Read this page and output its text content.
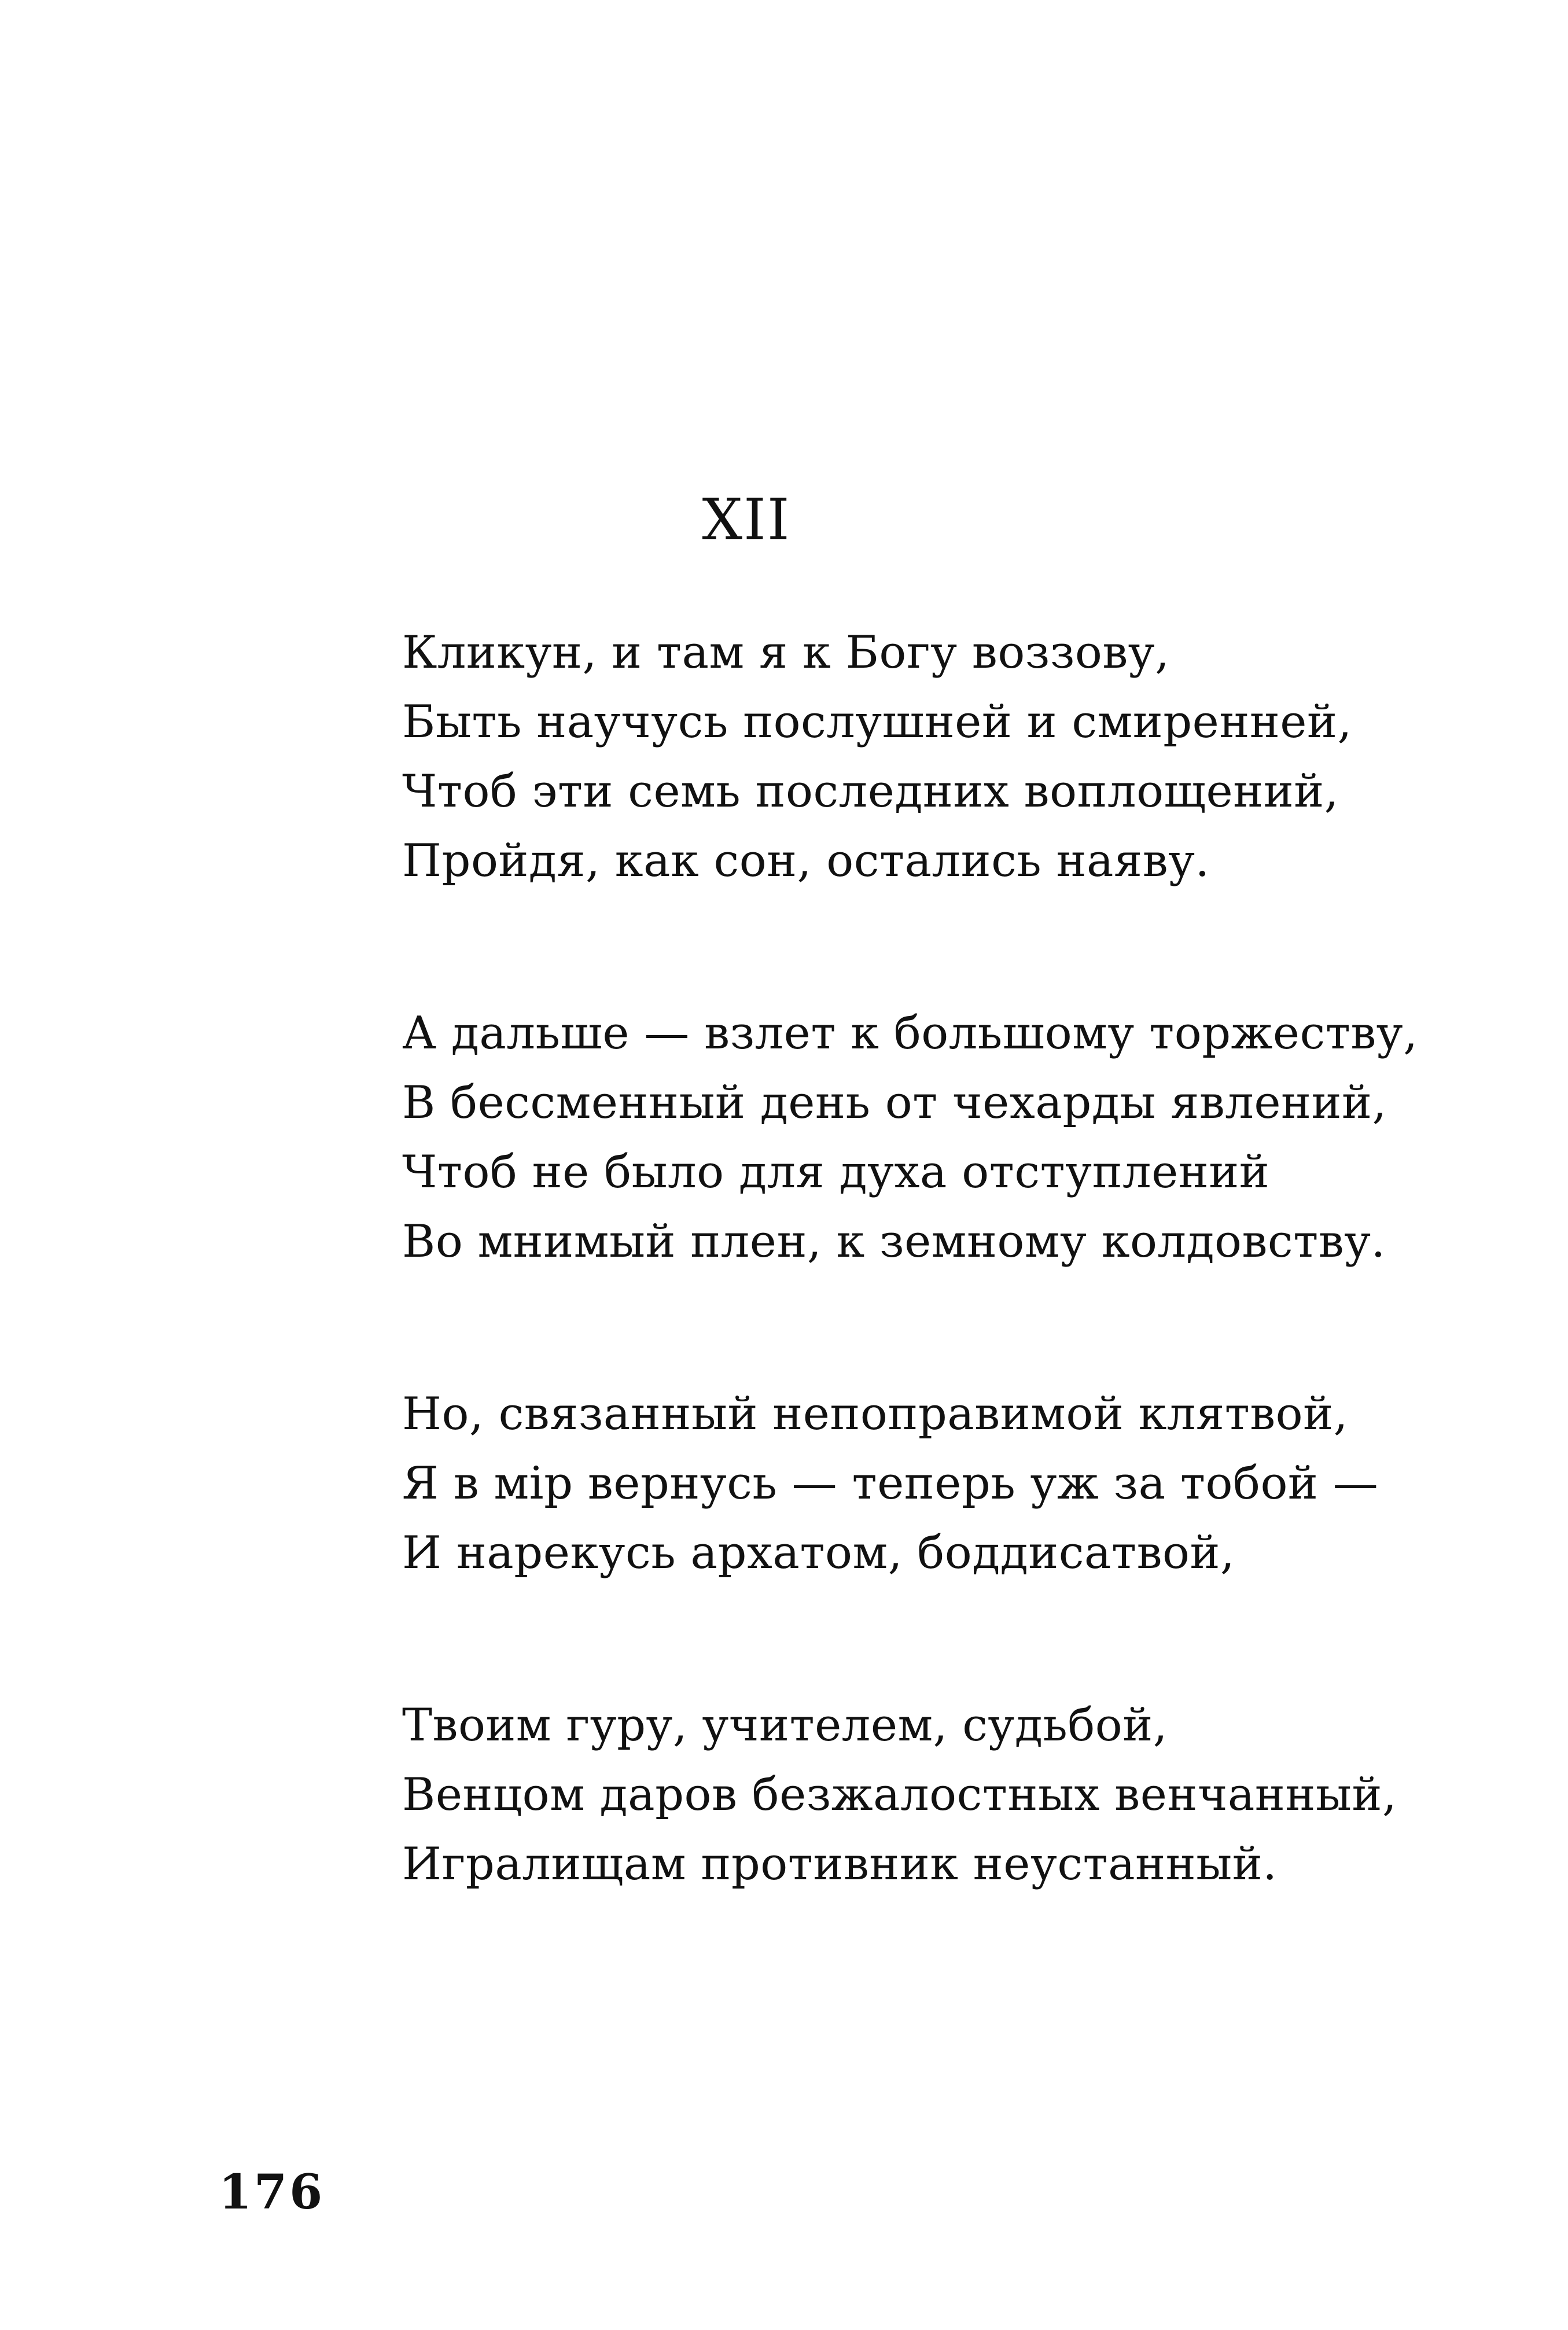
XII
Кликун, и там я к Богу воззову,
Быть научусь послушней и смиренней,
Чтоб эти семь последних воплощений,
Пройдя, как сон, остались наяву.
А дальше — взлет к большому торжеству,
В бессменный день от чехарды явлений,
Чтоб не было для духа отступлений
Во мнимый плен, к земному колдовству.
Но, связанный непоправимой клятвой,
Я в міp вернусь — теперь уж за тобой —
И нарекусь архатом, боддисатвой,
Твоим гуру, учителем, судьбой,
Венцом даров безжалостных венчанный,
Игралищам противник неустанный.
176
